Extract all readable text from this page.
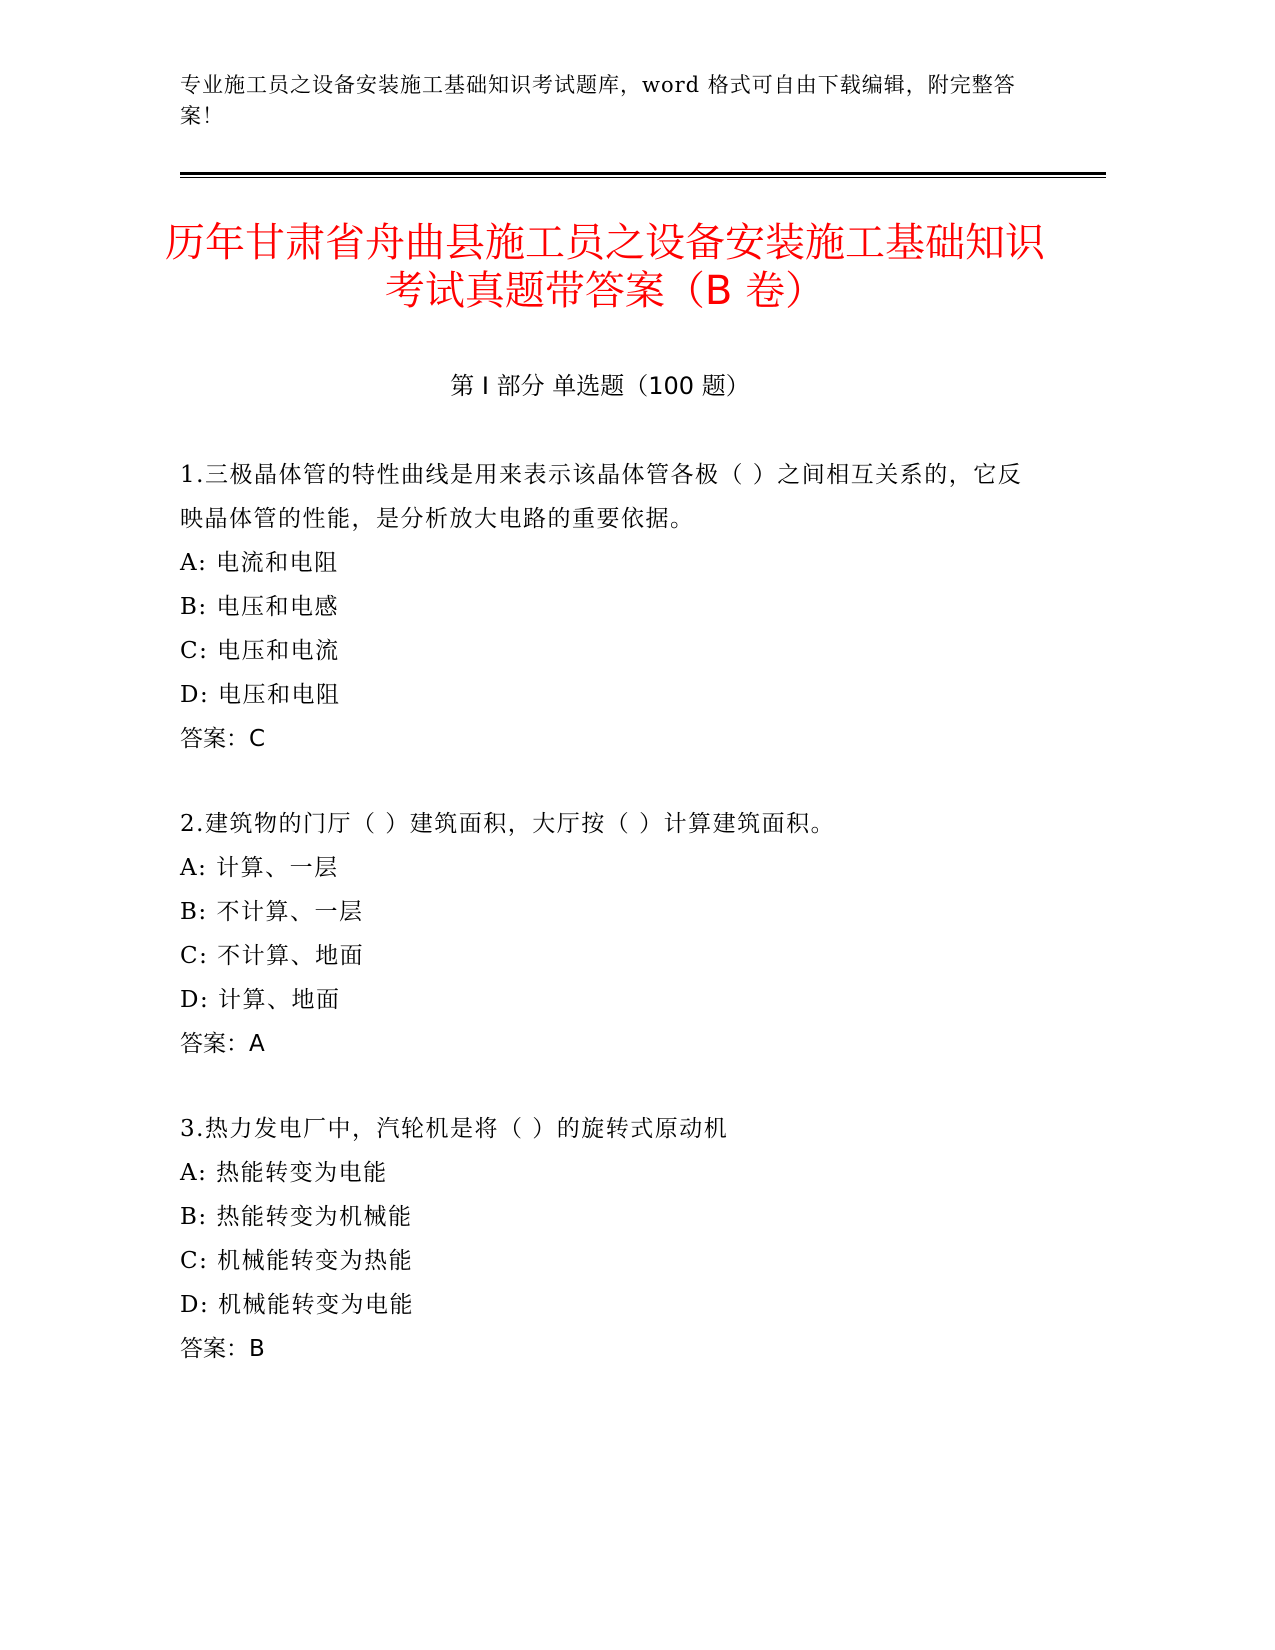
专业施工员之设备安装施工基础知识考试题库，word 格式可自由下载编辑，附完整答案！
历年甘肃省舟曲县施工员之设备安装施工基础知识考试真题带答案（B 卷）
第 I 部分 单选题（100 题）
1.三极晶体管的特性曲线是用来表示该晶体管各极（ ）之间相互关系的，它反映晶体管的性能，是分析放大电路的重要依据。
A: 电流和电阻
B: 电压和电感
C: 电压和电流
D: 电压和电阻
答案：C
2.建筑物的门厅（ ）建筑面积，大厅按（ ）计算建筑面积。
A: 计算、一层
B: 不计算、一层
C: 不计算、地面
D: 计算、地面
答案：A
3.热力发电厂中，汽轮机是将（ ）的旋转式原动机
A: 热能转变为电能
B: 热能转变为机械能
C: 机械能转变为热能
D: 机械能转变为电能
答案：B
